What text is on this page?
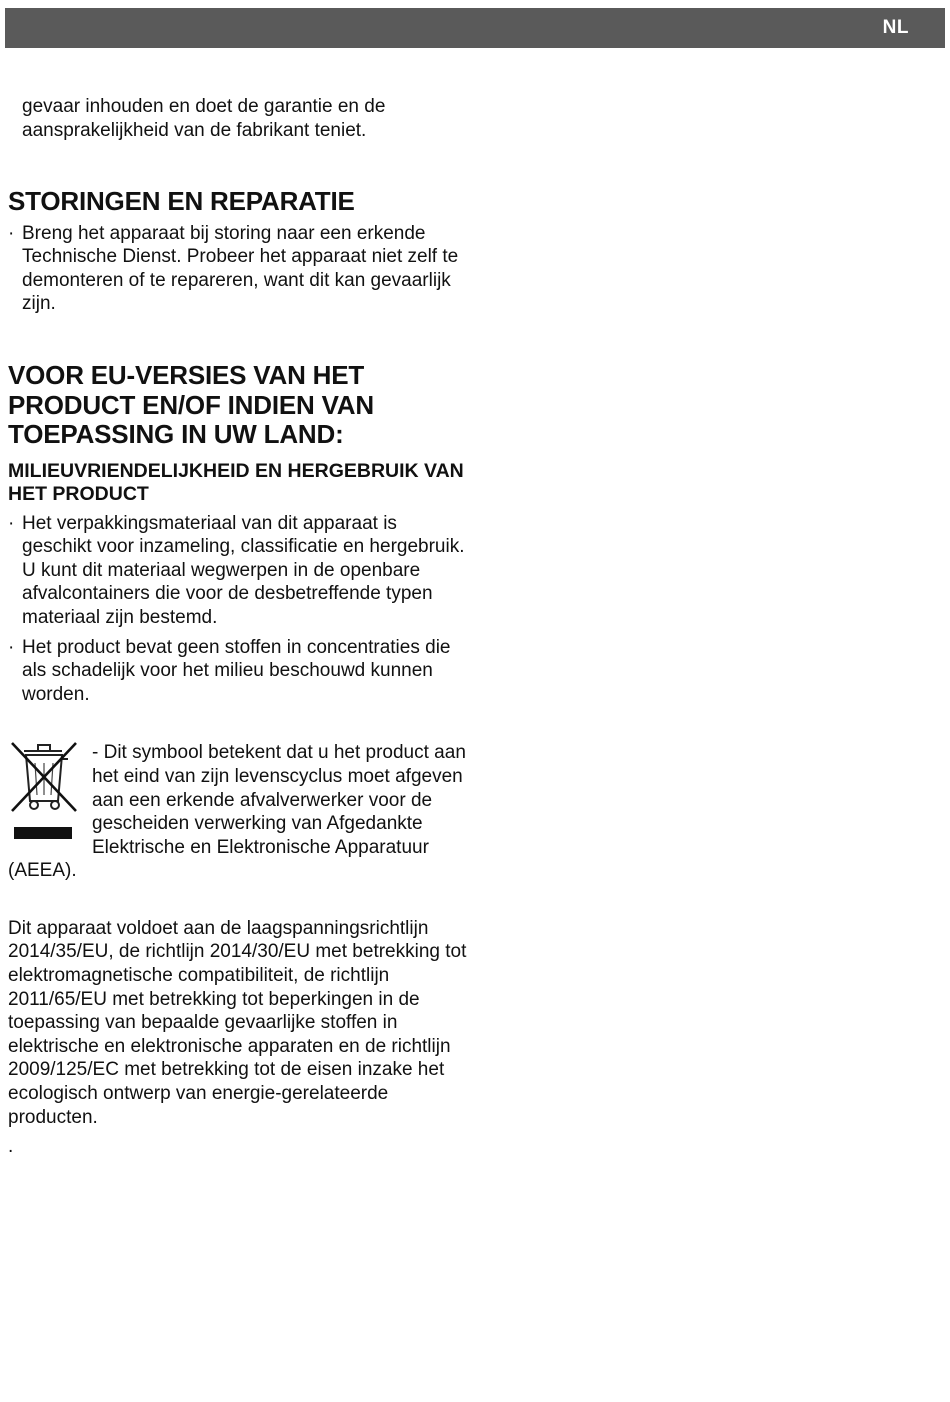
NL

gevaar inhouden en doet de garantie en de aansprakelijkheid van de fabrikant teniet.

STORINGEN EN REPARATIE
· Breng het apparaat bij storing naar een erkende Technische Dienst. Probeer het apparaat niet zelf te demonteren of te repareren, want dit kan gevaarlijk zijn.
VOOR EU-VERSIES VAN HET PRODUCT EN/OF INDIEN VAN TOEPASSING IN UW LAND:
MILIEUVRIENDELIJKHEID EN HERGEBRUIK VAN HET PRODUCT
· Het verpakkingsmateriaal van dit apparaat is geschikt voor inzameling, classificatie en hergebruik. U kunt dit materiaal wegwerpen in de openbare afvalcontainers die voor de desbetreffende typen materiaal zijn bestemd.
· Het product bevat geen stoffen in concentraties die als schadelijk voor het milieu beschouwd kunnen worden.
- Dit symbool betekent dat u het product aan het eind van zijn levenscyclus moet afgeven aan een erkende afvalverwerker voor de gescheiden verwerking van Afgedankte Elektrische en Elektronische Apparatuur (AEEA).

Dit apparaat voldoet aan de laagspanningsrichtlijn 2014/35/EU, de richtlijn 2014/30/EU met betrekking tot elektromagnetische compatibiliteit, de richtlijn 2011/65/EU met betrekking tot beperkingen in de toepassing van bepaalde gevaarlijke stoffen in elektrische en elektronische apparaten en de richtlijn 2009/125/EC met betrekking tot de eisen inzake het ecologisch ontwerp van energie-gerelateerde producten.

.
